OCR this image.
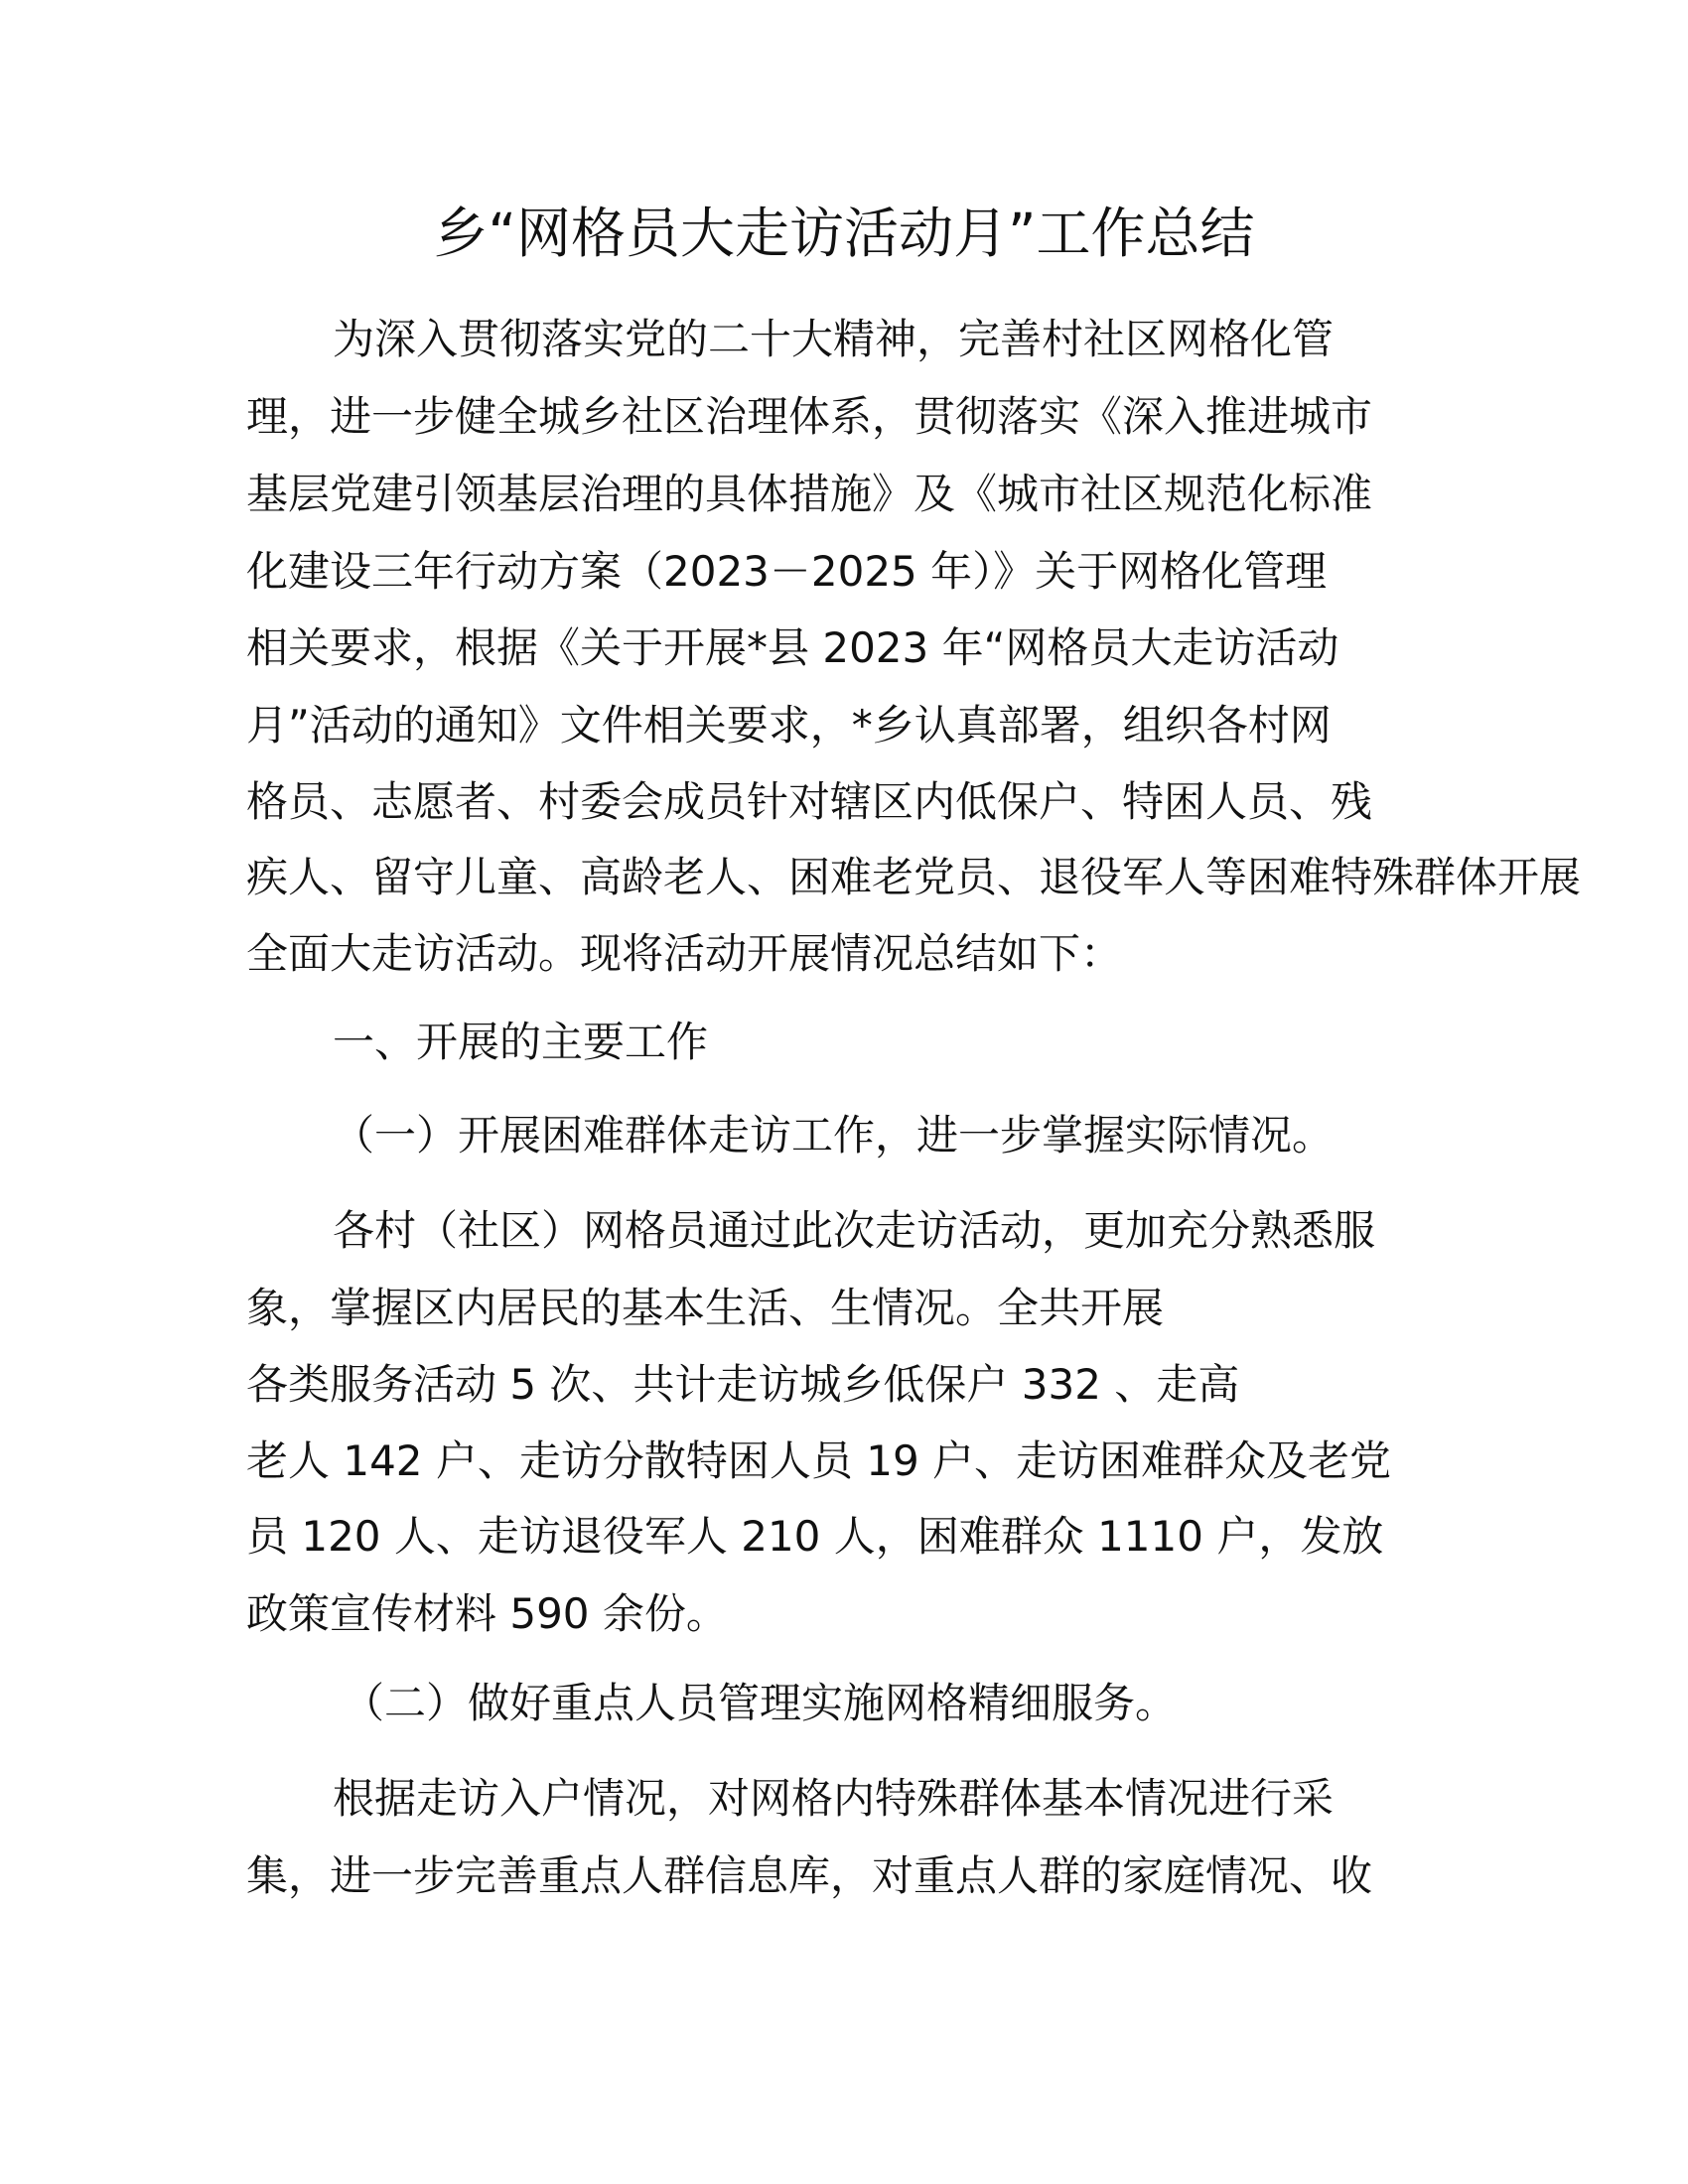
乡“网格员大走访活动月”工作总结
为深入贯彻落实党的二十大精神，完善村社区网格化管
理，进一步健全城乡社区治理体系，贯彻落实《深入推进城市
基层党建引领基层治理的具体措施》及《城市社区规范化标准
化建设三年行动方案（2023－2025 年）》关于网格化管理
相关要求，根据《关于开展*县 2023 年“网格员大走访活动
月”活动的通知》文件相关要求，*乡认真部署，组织各村网
格员、志愿者、村委会成员针对辖区内低保户、特困人员、残
疾人、留守儿童、高龄老人、困难老党员、退役军人等困难特殊群体开展
全面大走访活动。现将活动开展情况总结如下：
一、开展的主要工作
（一）开展困难群体走访工作，进一步掌握实际情况。
各村（社区）网格员通过此次走访活动，更加充分熟悉服
象，掌握区内居民的基本生活、生情况。全共开展
各类服务活动 5 次、共计走访城乡低保户 332 、走高
老人 142 户、走访分散特困人员 19 户、走访困难群众及老党
员 120 人、走访退役军人 210 人，困难群众 1110 户，发放
政策宣传材料 590 余份。
（二）做好重点人员管理实施网格精细服务。
根据走访入户情况，对网格内特殊群体基本情况进行采
集，进一步完善重点人群信息库，对重点人群的家庭情况、收
